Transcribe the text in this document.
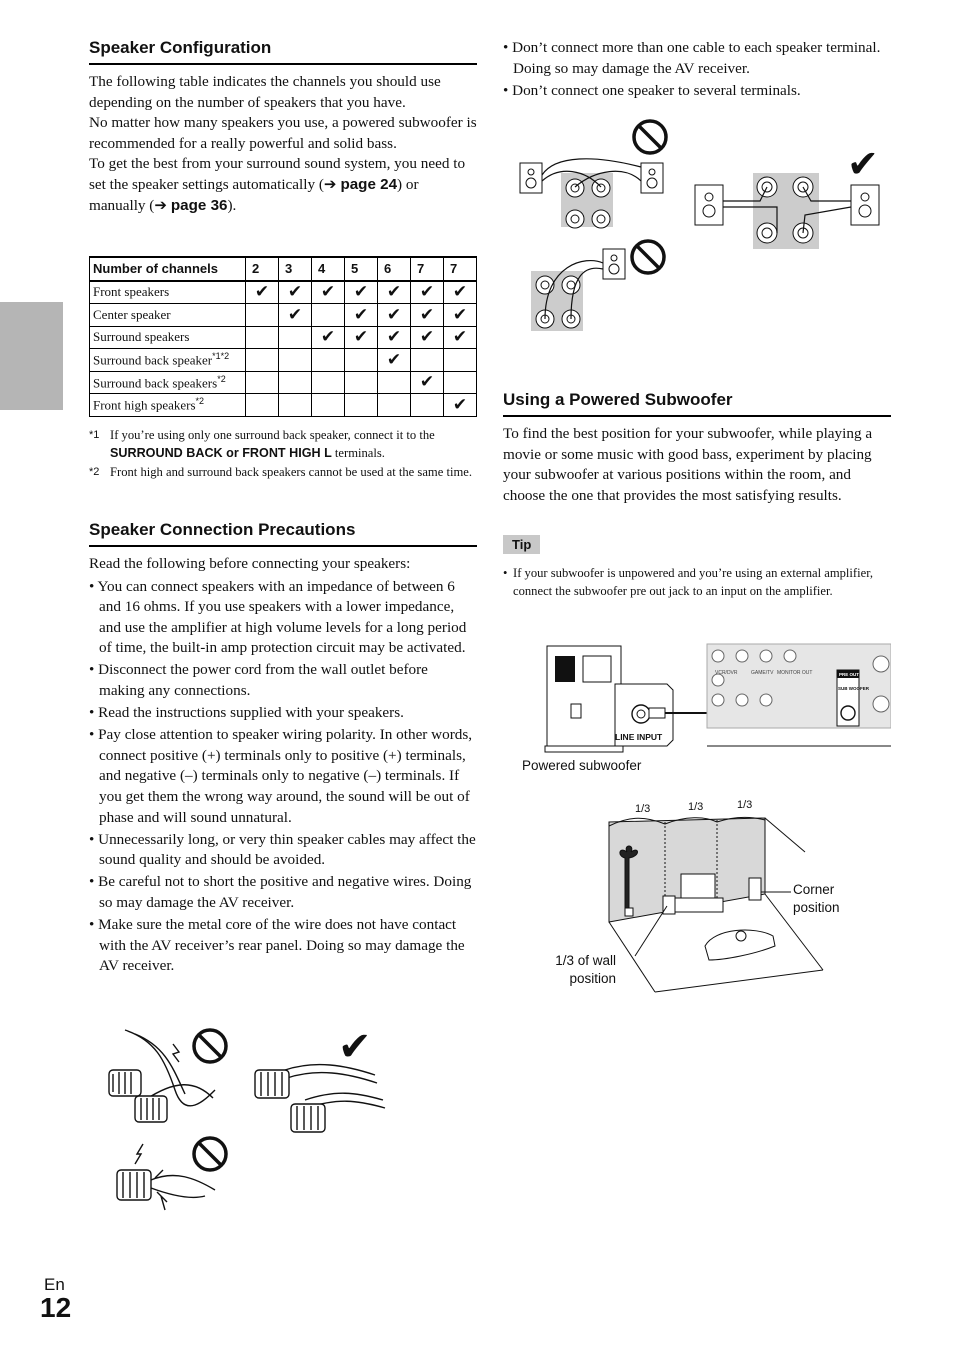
Speaker Configuration

The following table indicates the channels you should use depending on the number of speakers that you have.

No matter how many speakers you use, a powered subwoofer is recommended for a really powerful and solid bass.

To get the best from your surround sound system, you need to set the speaker settings automatically (➔ page 24) or manually (➔ page 36).

Number of channels	2	3	4	5	6	7	7
Front speakers	✔	✔	✔	✔	✔	✔	✔
Center speaker		✔		✔	✔	✔	✔
Surround speakers			✔	✔	✔	✔	✔
Surround back speaker$^{*1*2}$					✔		
Surround back speakers$^{*2}$						✔	
Front high speakers$^{*2}$							✔
*1 If you’re using only one surround back speaker, connect it to the SURROUND BACK or FRONT HIGH L terminals.
*2 Front high and surround back speakers cannot be used at the same time.
Speaker Connection Precautions

Read the following before connecting your speakers:

• You can connect speakers with an impedance of between 6 and 16 ohms. If you use speakers with a lower impedance, and use the amplifier at high volume levels for a long period of time, the built-in amp protection circuit may be activated.
• Disconnect the power cord from the wall outlet before making any connections.
• Read the instructions supplied with your speakers.
• Pay close attention to speaker wiring polarity. In other words, connect positive (+) terminals only to positive (+) terminals, and negative (–) terminals only to negative (–) terminals. If you get them the wrong way around, the sound will be out of phase and will sound unnatural.
• Unnecessarily long, or very thin speaker cables may affect the sound quality and should be avoided.
• Be careful not to short the positive and negative wires. Doing so may damage the AV receiver.
• Make sure the metal core of the wire does not have contact with the AV receiver’s rear panel. Doing so may damage the AV receiver.
✔
• Don’t connect more than one cable to each speaker terminal. Doing so may damage the AV receiver.
• Don’t connect one speaker to several terminals.
✔
Using a Powered Subwoofer

To find the best position for your subwoofer, while playing a movie or some music with good bass, experiment by placing your subwoofer at various positions within the room, and choose the one that provides the most satisfying results.

Tip
• If your subwoofer is unpowered and you’re using an external amplifier, connect the subwoofer pre out jack to an input on the amplifier.
LINE INPUT
VCR/DVR	GAME/TV MONITOR OUT	PRE OUT
SUB WOOFER
Powered subwoofer
1/3	1/3	1/3
Corner
position
1/3 of wall
position
En
12
